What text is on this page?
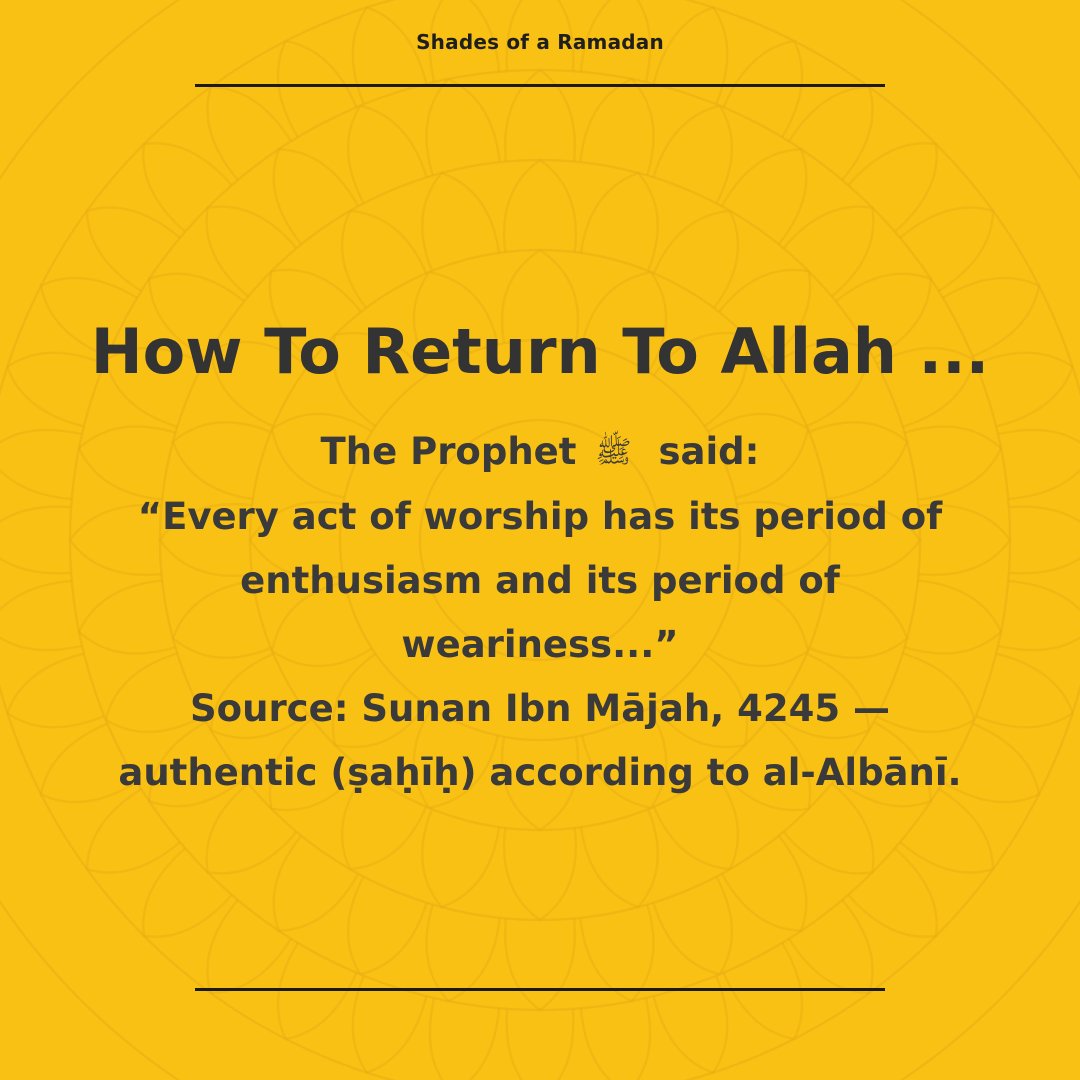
Shades of a Ramadan
How To Return To Allah ...

The Prophet ﷺ said:

“Every act of worship has its period of

enthusiasm and its period of

weariness...”

Source: Sunan Ibn Mājah, 4245 —

authentic (ṣaḥīḥ) according to al-Albānī.
